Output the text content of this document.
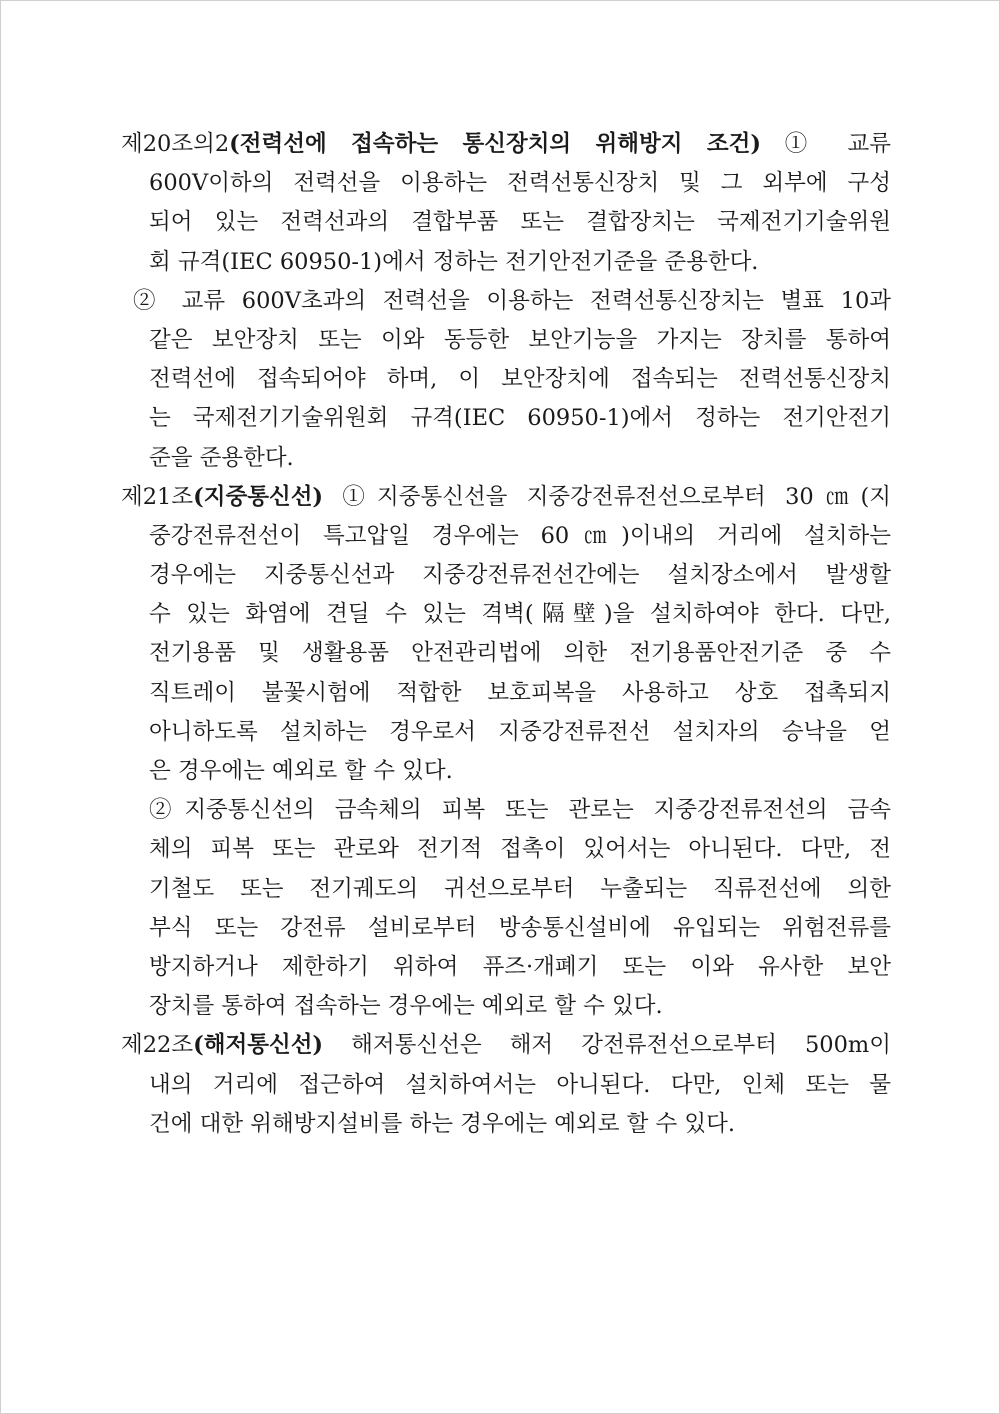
제20조의2(전력선에 접속하는 통신장치의 위해방지 조건) ① 교류
600V이하의 전력선을 이용하는 전력선통신장치 및 그 외부에 구성
되어 있는 전력선과의 결합부품 또는 결합장치는 국제전기기술위원
회 규격(IEC 60950-1)에서 정하는 전기안전기준을 준용한다.
② 교류 600V초과의 전력선을 이용하는 전력선통신장치는 별표 10과
같은 보안장치 또는 이와 동등한 보안기능을 가지는 장치를 통하여
전력선에 접속되어야 하며, 이 보안장치에 접속되는 전력선통신장치
는 국제전기기술위원회 규격(IEC 60950-1)에서 정하는 전기안전기
준을 준용한다.
제21조(지중통신선) ①지중통신선을 지중강전류전선으로부터 30㎝(지
중강전류전선이 특고압일 경우에는 60㎝)이내의 거리에 설치하는
경우에는 지중통신선과 지중강전류전선간에는 설치장소에서 발생할
수 있는 화염에 견딜 수 있는 격벽(隔壁)을 설치하여야 한다. 다만,
전기용품 및 생활용품 안전관리법에 의한 전기용품안전기준 중 수
직트레이 불꽃시험에 적합한 보호피복을 사용하고 상호 접촉되지
아니하도록 설치하는 경우로서 지중강전류전선 설치자의 승낙을 얻
은 경우에는 예외로 할 수 있다.
②지중통신선의 금속체의 피복 또는 관로는 지중강전류전선의 금속
체의 피복 또는 관로와 전기적 접촉이 있어서는 아니된다. 다만, 전
기철도 또는 전기궤도의 귀선으로부터 누출되는 직류전선에 의한
부식 또는 강전류 설비로부터 방송통신설비에 유입되는 위험전류를
방지하거나 제한하기 위하여 퓨즈·개폐기 또는 이와 유사한 보안
장치를 통하여 접속하는 경우에는 예외로 할 수 있다.
제22조(해저통신선) 해저통신선은 해저 강전류전선으로부터 500m이
내의 거리에 접근하여 설치하여서는 아니된다. 다만, 인체 또는 물
건에 대한 위해방지설비를 하는 경우에는 예외로 할 수 있다.
